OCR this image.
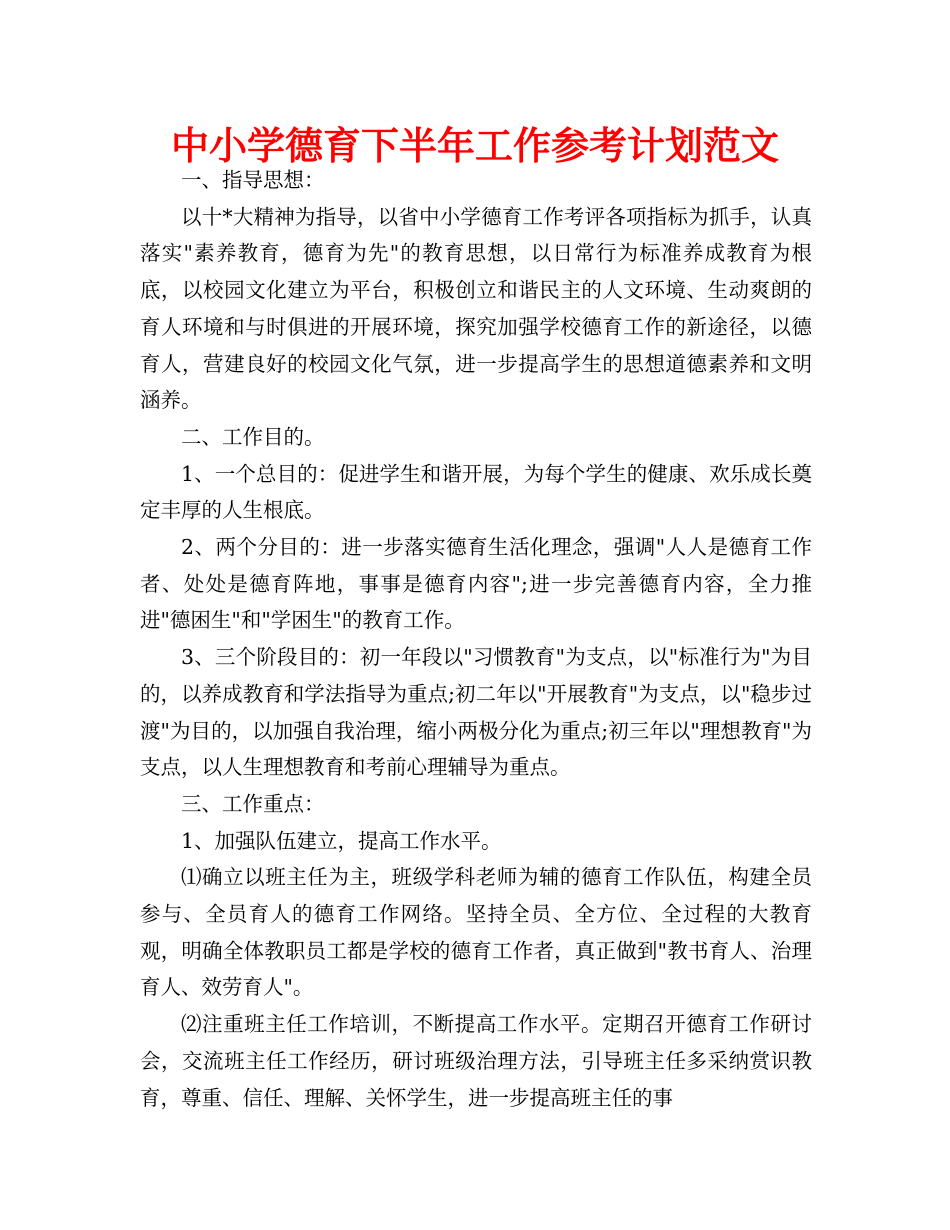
中小学德育下半年工作参考计划范文

一、指导思想：

以十*大精神为指导，以省中小学德育工作考评各项指标为抓手，认真落实"素养教育，德育为先"的教育思想，以日常行为标准养成教育为根底，以校园文化建立为平台，积极创立和谐民主的人文环境、生动爽朗的育人环境和与时俱进的开展环境，探究加强学校德育工作的新途径，以德育人，营建良好的校园文化气氛，进一步提高学生的思想道德素养和文明涵养。

二、工作目的。

1、一个总目的：促进学生和谐开展，为每个学生的健康、欢乐成长奠定丰厚的人生根底。

2、两个分目的：进一步落实德育生活化理念，强调"人人是德育工作者、处处是德育阵地，事事是德育内容";进一步完善德育内容，全力推进"德困生"和"学困生"的教育工作。

3、三个阶段目的：初一年段以"习惯教育"为支点，以"标准行为"为目的，以养成教育和学法指导为重点;初二年以"开展教育"为支点，以"稳步过渡"为目的，以加强自我治理，缩小两极分化为重点;初三年以"理想教育"为支点，以人生理想教育和考前心理辅导为重点。

三、工作重点：

1、加强队伍建立，提高工作水平。

⑴确立以班主任为主，班级学科老师为辅的德育工作队伍，构建全员参与、全员育人的德育工作网络。坚持全员、全方位、全过程的大教育观，明确全体教职员工都是学校的德育工作者，真正做到"教书育人、治理育人、效劳育人"。

⑵注重班主任工作培训，不断提高工作水平。定期召开德育工作研讨会，交流班主任工作经历，研讨班级治理方法，引导班主任多采纳赏识教育，尊重、信任、理解、关怀学生，进一步提高班主任的事
